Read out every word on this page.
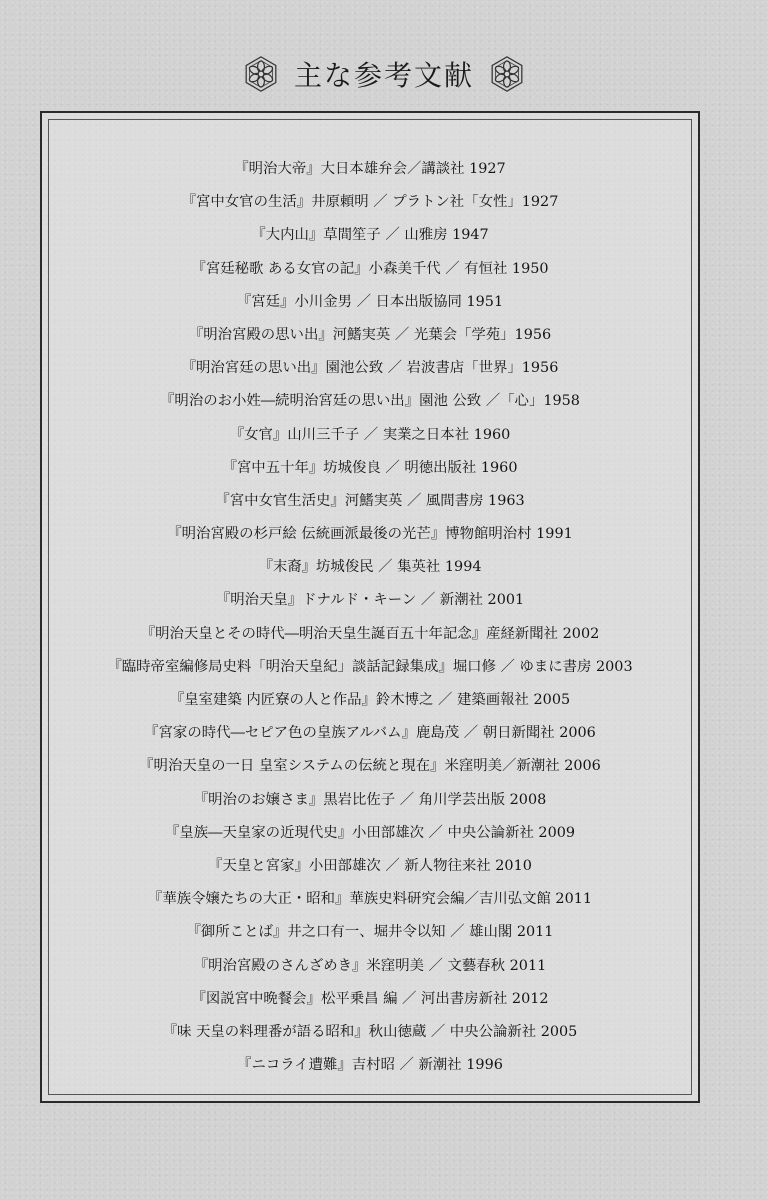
主な参考文献
『明治大帝』大日本雄弁会／講談社 1927
『宮中女官の生活』井原頼明 ／ プラトン社「女性」1927
『大内山』草間笙子 ／ 山雅房 1947
『宮廷秘歌 ある女官の記』小森美千代 ／ 有恒社 1950
『宮廷』小川金男 ／ 日本出版協同 1951
『明治宮殿の思い出』河鰭実英 ／ 光葉会「学苑」1956
『明治宮廷の思い出』園池公致 ／ 岩波書店「世界」1956
『明治のお小姓―続明治宮廷の思い出』園池 公致 ／「心」1958
『女官』山川三千子 ／ 実業之日本社 1960
『宮中五十年』坊城俊良 ／ 明徳出版社 1960
『宮中女官生活史』河鰭実英 ／ 風間書房 1963
『明治宮殿の杉戸絵 伝統画派最後の光芒』博物館明治村 1991
『末裔』坊城俊民 ／ 集英社 1994
『明治天皇』ドナルド・キーン ／ 新潮社 2001
『明治天皇とその時代―明治天皇生誕百五十年記念』産経新聞社 2002
『臨時帝室編修局史料「明治天皇紀」談話記録集成』堀口修 ／ ゆまに書房 2003
『皇室建築 内匠寮の人と作品』鈴木博之 ／ 建築画報社 2005
『宮家の時代―セピア色の皇族アルバム』鹿島茂 ／ 朝日新聞社 2006
『明治天皇の一日 皇室システムの伝統と現在』米窪明美／新潮社 2006
『明治のお嬢さま』黒岩比佐子 ／ 角川学芸出版 2008
『皇族―天皇家の近現代史』小田部雄次 ／ 中央公論新社 2009
『天皇と宮家』小田部雄次 ／ 新人物往来社 2010
『華族令嬢たちの大正・昭和』華族史料研究会編／吉川弘文館 2011
『御所ことば』井之口有一、堀井令以知 ／ 雄山閣 2011
『明治宮殿のさんざめき』米窪明美 ／ 文藝春秋 2011
『図説宮中晩餐会』松平乗昌 編 ／ 河出書房新社 2012
『味 天皇の料理番が語る昭和』秋山徳蔵 ／ 中央公論新社 2005
『ニコライ遭難』吉村昭 ／ 新潮社 1996
